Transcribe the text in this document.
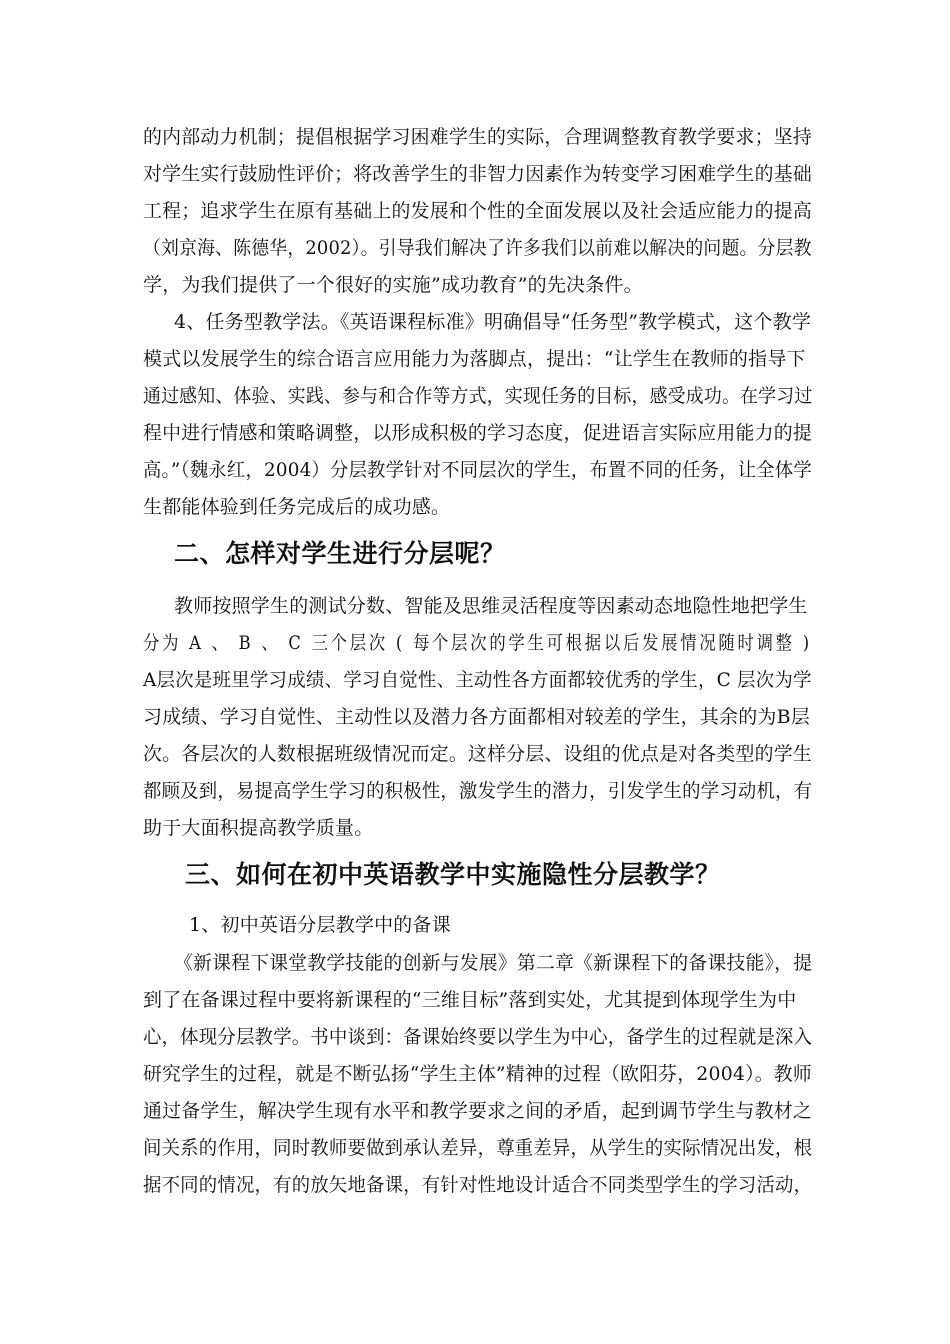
的内部动力机制；提倡根据学习困难学生的实际，合理调整教育教学要求；坚持
对学生实行鼓励性评价；将改善学生的非智力因素作为转变学习困难学生的基础
工程；追求学生在原有基础上的发展和个性的全面发展以及社会适应能力的提高
（刘京海、陈德华，2002）。引导我们解决了许多我们以前难以解决的问题。分层教
学，为我们提供了一个很好的实施”成功教育”的先决条件。
4、任务型教学法。《英语课程标准》明确倡导“任务型”教学模式，这个教学
模式以发展学生的综合语言应用能力为落脚点，提出：“让学生在教师的指导下
通过感知、体验、实践、参与和合作等方式，实现任务的目标，感受成功。在学习过
程中进行情感和策略调整，以形成积极的学习态度，促进语言实际应用能力的提
高。”（魏永红，2004）分层教学针对不同层次的学生，布置不同的任务，让全体学
生都能体验到任务完成后的成功感。
二、怎样对学生进行分层呢？
教师按照学生的测试分数、智能及思维灵活程度等因素动态地隐性地把学生
分为 A 、 B 、 C 三个层次 ( 每个层次的学生可根据以后发展情况随时调整 )
A层次是班里学习成绩、学习自觉性、主动性各方面都较优秀的学生，C 层次为学
习成绩、学习自觉性、主动性以及潜力各方面都相对较差的学生，其余的为B层
次。各层次的人数根据班级情况而定。这样分层、设组的优点是对各类型的学生
都顾及到，易提高学生学习的积极性，激发学生的潜力，引发学生的学习动机，有
助于大面积提高教学质量。
三、如何在初中英语教学中实施隐性分层教学？
1、初中英语分层教学中的备课
《新课程下课堂教学技能的创新与发展》第二章《新课程下的备课技能》，提
到了在备课过程中要将新课程的“三维目标”落到实处，尤其提到体现学生为中
心，体现分层教学。书中谈到：备课始终要以学生为中心，备学生的过程就是深入
研究学生的过程，就是不断弘扬“学生主体”精神的过程（欧阳芬，2004）。教师
通过备学生，解决学生现有水平和教学要求之间的矛盾，起到调节学生与教材之
间关系的作用，同时教师要做到承认差异，尊重差异，从学生的实际情况出发，根
据不同的情况，有的放矢地备课，有针对性地设计适合不同类型学生的学习活动，
